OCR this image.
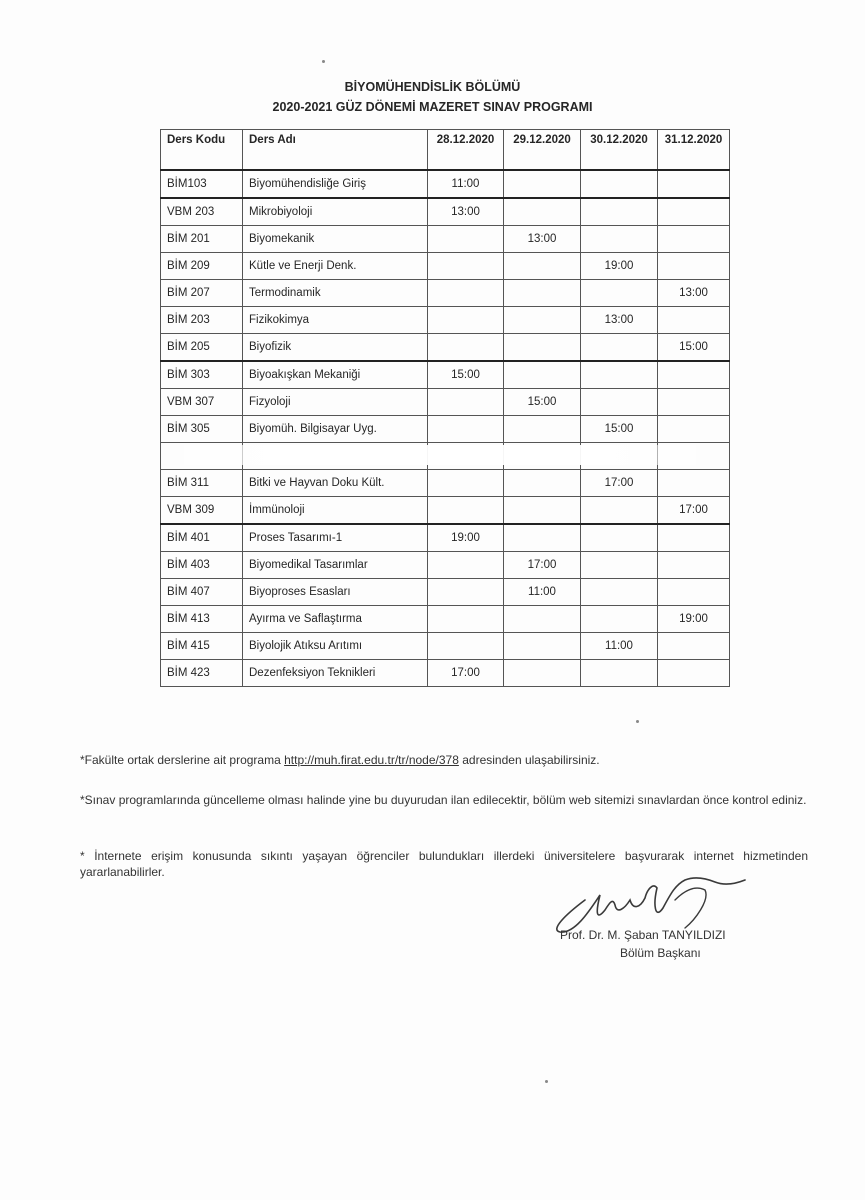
BİYOMÜHENDİSLİK BÖLÜMÜ
2020-2021 GÜZ DÖNEMİ MAZERET SINAV PROGRAMI
Ders Kodu	Ders Adı	28.12.2020	29.12.2020	30.12.2020	31.12.2020
BİM103	Biyomühendisliğe Giriş	11:00			
VBM 203	Mikrobiyoloji	13:00			
BİM 201	Biyomekanik		13:00		
BİM 209	Kütle ve Enerji Denk.			19:00	
BİM 207	Termodinamik				13:00
BİM 203	Fizikokimya			13:00	
BİM 205	Biyofizik				15:00
BİM 303	Biyoakışkan Mekaniği	15:00			
VBM 307	Fizyoloji		15:00		
BİM 305	Biyomüh. Bilgisayar Uyg.			15:00	

BİM 311	Bitki ve Hayvan Doku Kült.			17:00	
VBM 309	İmmünoloji				17:00
BİM 401	Proses Tasarımı-1	19:00			
BİM 403	Biyomedikal Tasarımlar		17:00		
BİM 407	Biyoproses Esasları		11:00		
BİM 413	Ayırma ve Saflaştırma				19:00
BİM 415	Biyolojik Atıksu Arıtımı			11:00	
BİM 423	Dezenfeksiyon Teknikleri	17:00			
*Fakülte ortak derslerine ait programa http://muh.firat.edu.tr/tr/node/378 adresinden ulaşabilirsiniz.
*Sınav programlarında güncelleme olması halinde yine bu duyurudan ilan edilecektir, bölüm web sitemizi sınavlardan önce kontrol ediniz.
* İnternete erişim konusunda sıkıntı yaşayan öğrenciler bulundukları illerdeki üniversitelere başvurarak internet hizmetinden yararlanabilirler.
Prof. Dr. M. Şaban TANYILDIZI
Bölüm Başkanı
